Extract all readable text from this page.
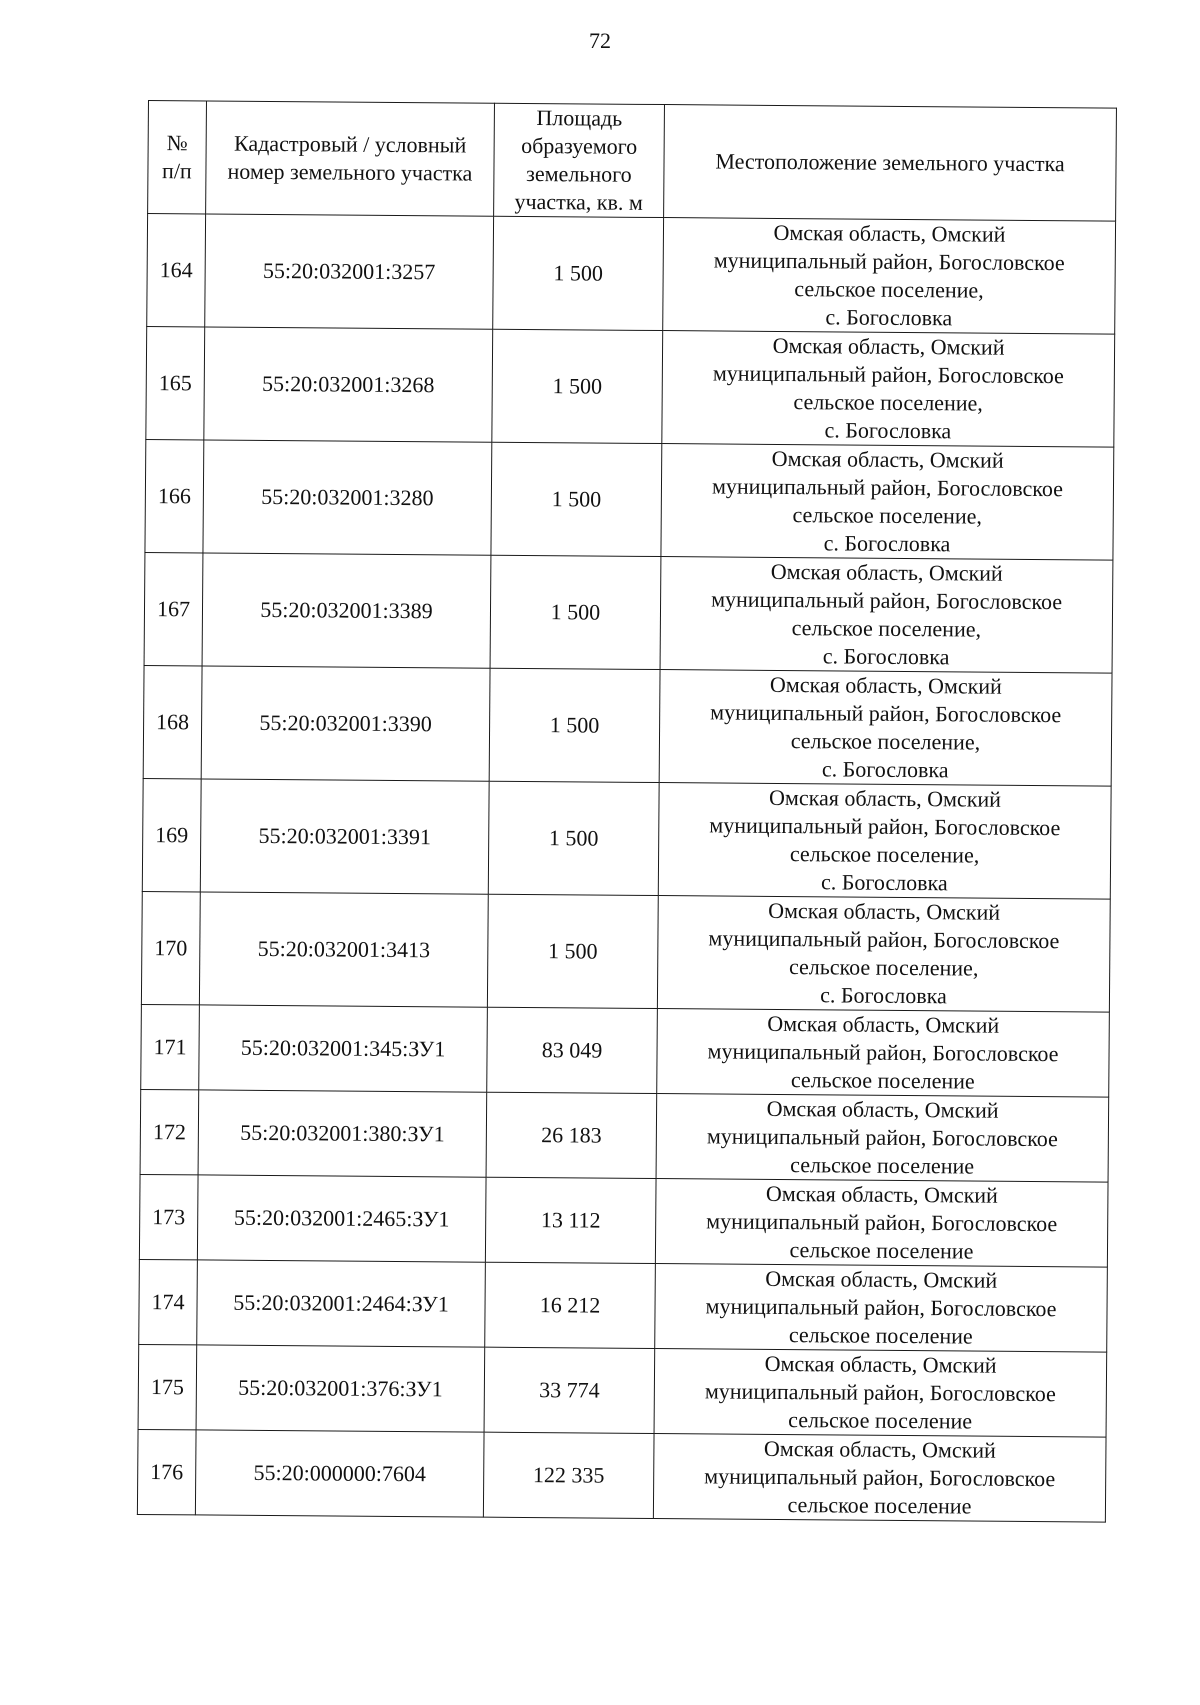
72
№
п/п	Кадастровый / условный номер земельного участка	Площадь образуемого земельного участка, кв. м	Местоположение земельного участка
164	55:20:032001:3257	1 500	Омская область, Омский
муниципальный район, Богословское
сельское поселение,
с. Богословка
165	55:20:032001:3268	1 500	Омская область, Омский
муниципальный район, Богословское
сельское поселение,
с. Богословка
166	55:20:032001:3280	1 500	Омская область, Омский
муниципальный район, Богословское
сельское поселение,
с. Богословка
167	55:20:032001:3389	1 500	Омская область, Омский
муниципальный район, Богословское
сельское поселение,
с. Богословка
168	55:20:032001:3390	1 500	Омская область, Омский
муниципальный район, Богословское
сельское поселение,
с. Богословка
169	55:20:032001:3391	1 500	Омская область, Омский
муниципальный район, Богословское
сельское поселение,
с. Богословка
170	55:20:032001:3413	1 500	Омская область, Омский
муниципальный район, Богословское
сельское поселение,
с. Богословка
171	55:20:032001:345:ЗУ1	83 049	Омская область, Омский
муниципальный район, Богословское
сельское поселение
172	55:20:032001:380:ЗУ1	26 183	Омская область, Омский
муниципальный район, Богословское
сельское поселение
173	55:20:032001:2465:ЗУ1	13 112	Омская область, Омский
муниципальный район, Богословское
сельское поселение
174	55:20:032001:2464:ЗУ1	16 212	Омская область, Омский
муниципальный район, Богословское
сельское поселение
175	55:20:032001:376:ЗУ1	33 774	Омская область, Омский
муниципальный район, Богословское
сельское поселение
176	55:20:000000:7604	122 335	Омская область, Омский
муниципальный район, Богословское
сельское поселение
